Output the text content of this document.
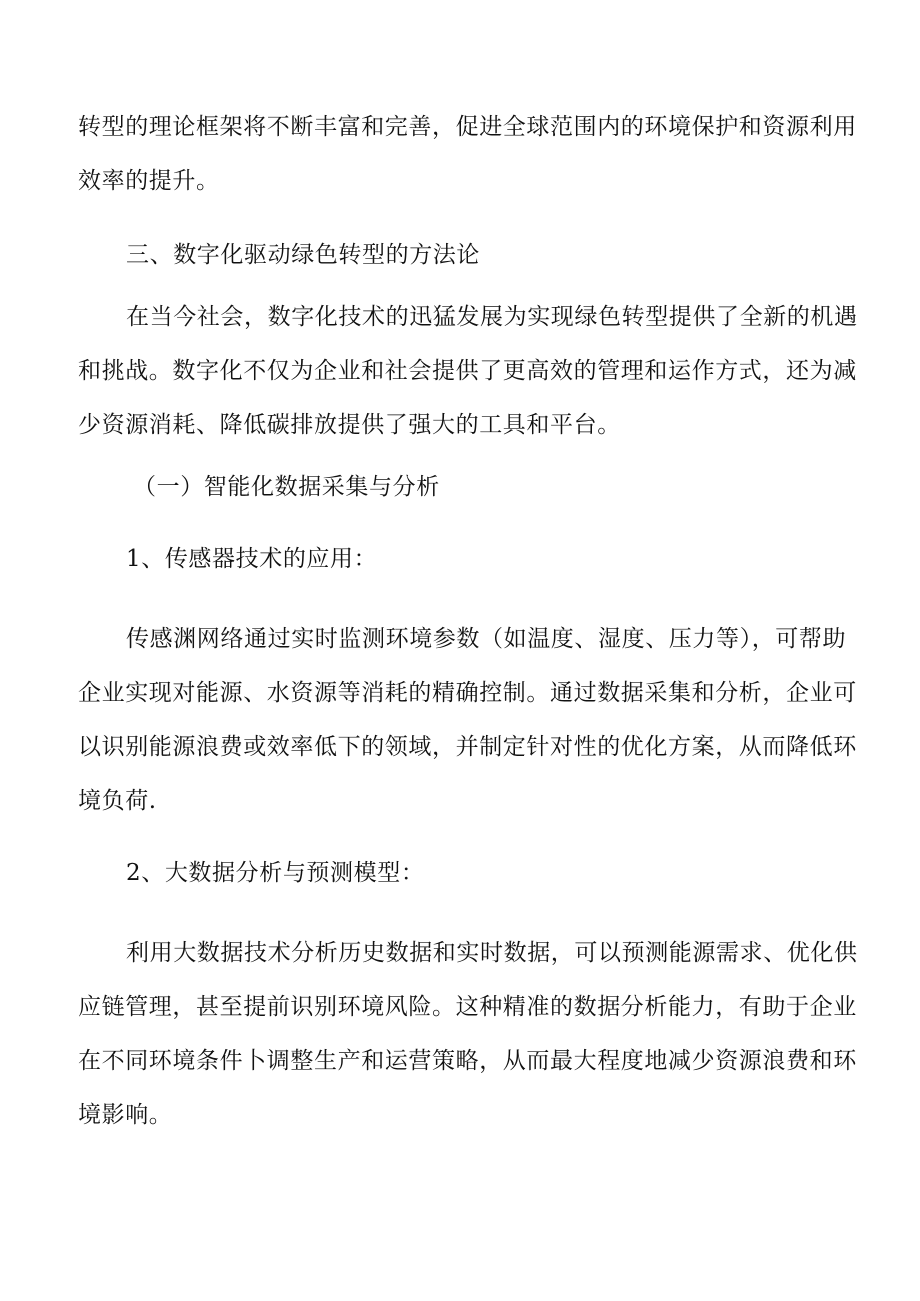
转型的理论框架将不断丰富和完善，促进全球范围内的环境保护和资源利用
效率的提升。
三、数字化驱动绿色转型的方法论
在当今社会，数字化技术的迅猛发展为实现绿色转型提供了全新的机遇
和挑战。数字化不仅为企业和社会提供了更高效的管理和运作方式，还为减
少资源消耗、降低碳排放提供了强大的工具和平台。
（一）智能化数据采集与分析
1、传感器技术的应用：
传感渊网络通过实时监测环境参数（如温度、湿度、压力等），可帮助
企业实现对能源、水资源等消耗的精确控制。通过数据采集和分析，企业可
以识别能源浪费或效率低下的领域，并制定针对性的优化方案，从而降低环
境负荷.
2、大数据分析与预测模型：
利用大数据技术分析历史数据和实时数据，可以预测能源需求、优化供
应链管理，甚至提前识别环境风险。这种精准的数据分析能力，有助于企业
在不同环境条件卜调整生产和运营策略，从而最大程度地减少资源浪费和环
境影响。
